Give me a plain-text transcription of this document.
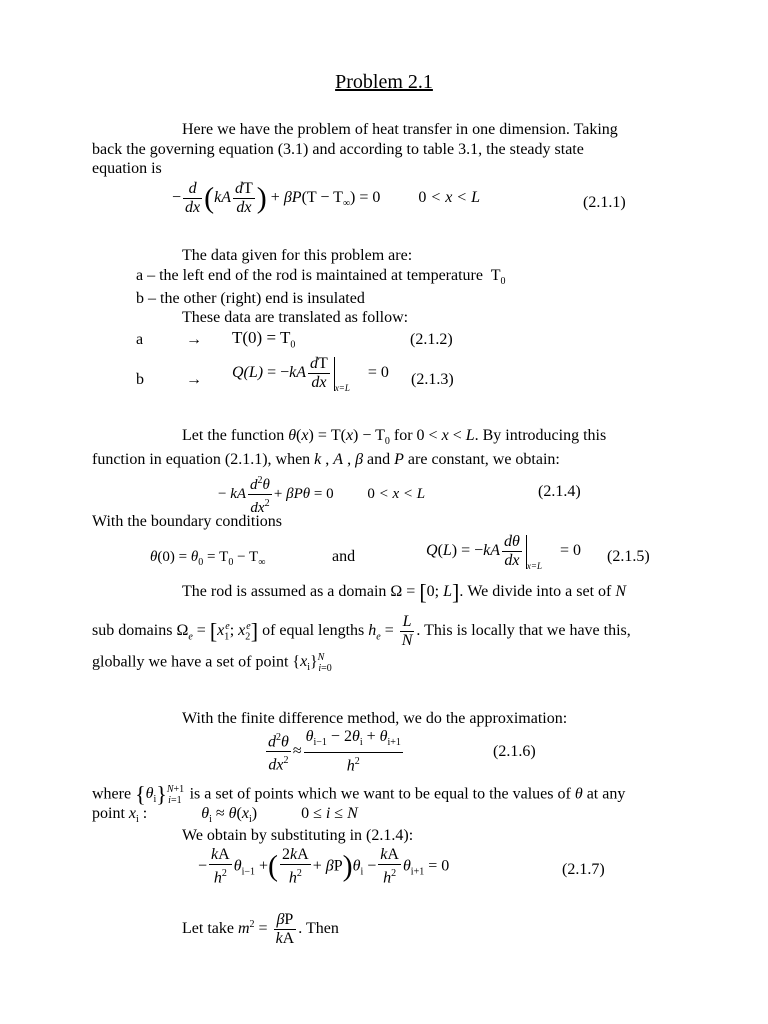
Problem 2.1
Here we have the problem of heat transfer in one dimension. Taking
back the governing equation (3.1) and according to table 3.1, the steady state
equation is
− $\frac{d}{dx} (kA \frac{dT}{dx}$ ) + $\beta P(T - T_\infty) = 0$ 0 < x < L	(2.1.1)
The data given for this problem are:
a – the left end of the rod is maintained at temperature  $T_0$
b – the other (right) end is insulated
These data are translated as follow:
a	→ $T(0) = T_0$	(2.1.2)
b	→ $Q(L) = -kA \frac{dT}{dx} _{x=L} = 0$ (2.1.3)
Let the function $\theta(x) = T(x) - T_0$ for 0 < x < L. By introducing this
function in equation (2.1.1), when k , A , β and P are constant, we obtain:
− kA $\frac{d^2\theta}{dx^2} + \beta P\theta = 0$ 0 < x < L	(2.1.4)
With the boundary conditions
$\theta(0) = \theta_0 = T_0 - T_\infty$	and	$Q(L) = -kA \frac{d\theta}{dx} _{x=L} = 0$ (2.1.5)
The rod is assumed as a domain Ω = [0; L]. We divide into a set of N
sub domains $\Omega_e = [x_1^e$; $x_2^e$] of equal lengths $h_e = \frac{L}{N}$ . This is locally that we have this,
globally we have a set of point $\{x_i\}^N_{i=0}$
With the finite difference method, we do the approximation:
$\frac{d^2\theta}{dx^2} \approx \frac{\theta_{i-1} - 2\theta_i + \theta_{i+1}}{h^2}$	(2.1.6)
where $\{\theta_i\}^{N+1}_{i=1}$ is a set of points which we want to be equal to the values of θ at any
point $x_i$ :	$\theta_i \approx \theta(x_i)$	0 ≤ i ≤ N
We obtain by substituting in (2.1.4):
− $\frac{kA}{h^2} \theta_{i-1}$ +( $\frac{2kA}{h^2} + \beta P)\theta_i - \frac{kA}{h^2} \theta_{i+1} = 0$	(2.1.7)
Let take $m^2 = \frac{\beta P}{kA}$ . Then
